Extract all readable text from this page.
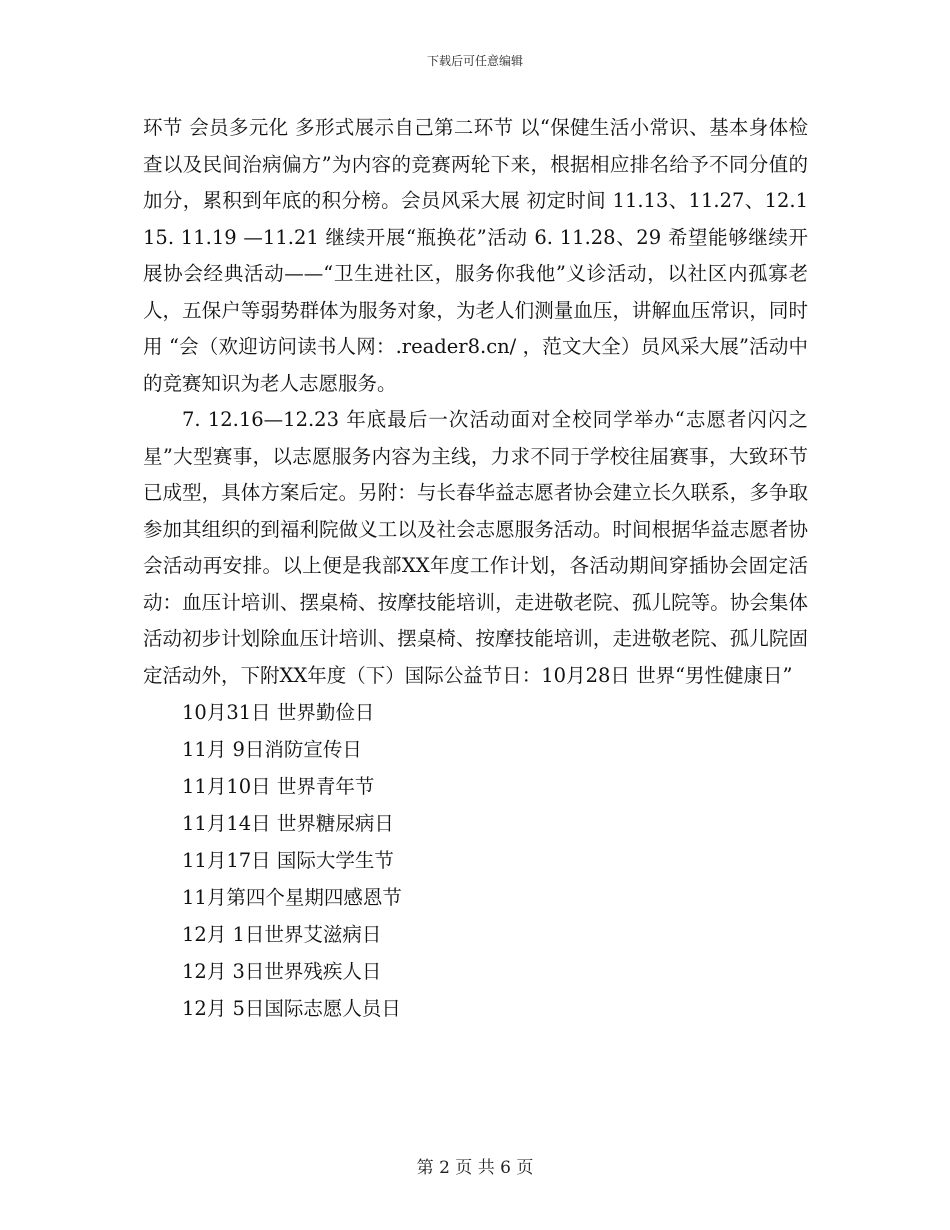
下载后可任意编辑

环节 会员多元化 多形式展示自己第二环节 以“保健生活小常识、基本身体检查以及民间治病偏方”为内容的竞赛两轮下来，根据相应排名给予不同分值的加分，累积到年底的积分榜。会员风采大展 初定时间 11.13、11.27、12.115. 11.19 —11.21 继续开展“瓶换花”活动 6. 11.28、29 希望能够继续开展协会经典活动——“卫生进社区，服务你我他”义诊活动，以社区内孤寡老人，五保户等弱势群体为服务对象，为老人们测量血压，讲解血压常识，同时用 “会（欢迎访问读书人网：.reader8.cn/ ，范文大全）员风采大展”活动中的竞赛知识为老人志愿服务。

7. 12.16—12.23 年底最后一次活动面对全校同学举办“志愿者闪闪之星”大型赛事，以志愿服务内容为主线，力求不同于学校往届赛事，大致环节已成型，具体方案后定。另附：与长春华益志愿者协会建立长久联系，多争取参加其组织的到福利院做义工以及社会志愿服务活动。时间根据华益志愿者协会活动再安排。以上便是我部XX年度工作计划，各活动期间穿插协会固定活动：血压计培训、摆桌椅、按摩技能培训，走进敬老院、孤儿院等。协会集体活动初步计划除血压计培训、摆桌椅、按摩技能培训，走进敬老院、孤儿院固定活动外，下附XX年度（下）国际公益节日：10月28日 世界“男性健康日”

10月31日 世界勤俭日
11月 9日消防宣传日
11月10日 世界青年节
11月14日 世界糖尿病日
11月17日 国际大学生节
11月第四个星期四感恩节
12月 1日世界艾滋病日
12月 3日世界残疾人日
12月 5日国际志愿人员日
第 2 页 共 6 页
